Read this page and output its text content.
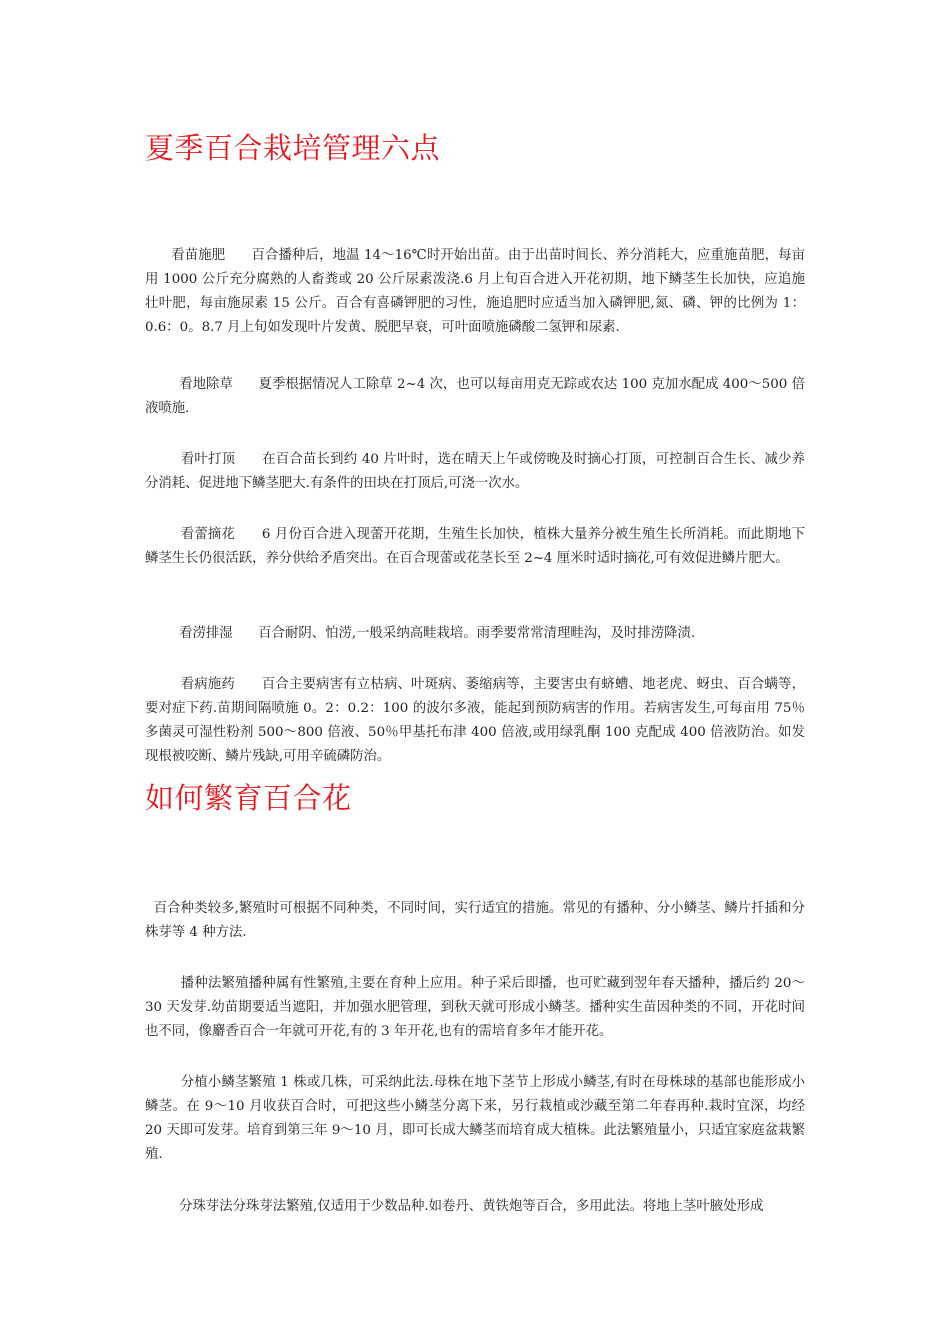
夏季百合栽培管理六点

看苗施肥      百合播种后，地温 14～16℃时开始出苗。由于出苗时间长、养分消耗大，应重施苗肥，每亩用 1000 公斤充分腐熟的人畜粪或 20 公斤尿素泼浇.6 月上旬百合进入开花初期，地下鳞茎生长加快，应追施壮叶肥，每亩施尿素 15 公斤。百合有喜磷钾肥的习性，施追肥时应适当加入磷钾肥,氮、磷、钾的比例为 1：0.6：0。8.7 月上旬如发现叶片发黄、脱肥早衰，可叶面喷施磷酸二氢钾和尿素.

看地除草      夏季根据情况人工除草 2~4 次，也可以每亩用克无踪或农达 100 克加水配成 400～500 倍液喷施.

看叶打顶      在百合苗长到约 40 片叶时，选在晴天上午或傍晚及时摘心打顶，可控制百合生长、减少养分消耗、促进地下鳞茎肥大.有条件的田块在打顶后,可浇一次水。

看蕾摘花      6 月份百合进入现蕾开花期，生殖生长加快，植株大量养分被生殖生长所消耗。而此期地下鳞茎生长仍很活跃，养分供给矛盾突出。在百合现蕾或花茎长至 2~4 厘米时适时摘花,可有效促进鳞片肥大。

看涝排湿      百合耐阴、怕涝,一般采纳高畦栽培。雨季要常常清理畦沟，及时排涝降渍.

看病施药      百合主要病害有立枯病、叶斑病、萎缩病等，主要害虫有蛴螬、地老虎、蚜虫、百合螨等，要对症下药.苗期间隔喷施 0。2：0.2：100 的波尔多液，能起到预防病害的作用。若病害发生,可每亩用 75％多菌灵可湿性粉剂 500～800 倍液、50％甲基托布津 400 倍液,或用绿乳酮 100 克配成 400 倍液防治。如发现根被咬断、鳞片残缺,可用辛硫磷防治。

如何繁育百合花

百合种类较多,繁殖时可根据不同种类，不同时间，实行适宜的措施。常见的有播种、分小鳞茎、鳞片扦插和分株芽等 4 种方法.

播种法繁殖播种属有性繁殖,主要在育种上应用。种子采后即播，也可贮藏到翌年春天播种，播后约 20～30 天发芽.幼苗期要适当遮阳，并加强水肥管理，到秋天就可形成小鳞茎。播种实生苗因种类的不同，开花时间也不同，像麝香百合一年就可开花,有的 3 年开花,也有的需培育多年才能开花。

分植小鳞茎繁殖 1 株或几株，可采纳此法.母株在地下茎节上形成小鳞茎,有时在母株球的基部也能形成小鳞茎。在 9～10 月收获百合时，可把这些小鳞茎分离下来，另行栽植或沙藏至第二年春再种.栽时宜深，均经 20 天即可发芽。培育到第三年 9～10 月，即可长成大鳞茎而培育成大植株。此法繁殖量小，只适宜家庭盆栽繁殖.

分珠芽法分珠芽法繁殖,仅适用于少数品种.如卷丹、黄铁炮等百合，多用此法。将地上茎叶腋处形成
